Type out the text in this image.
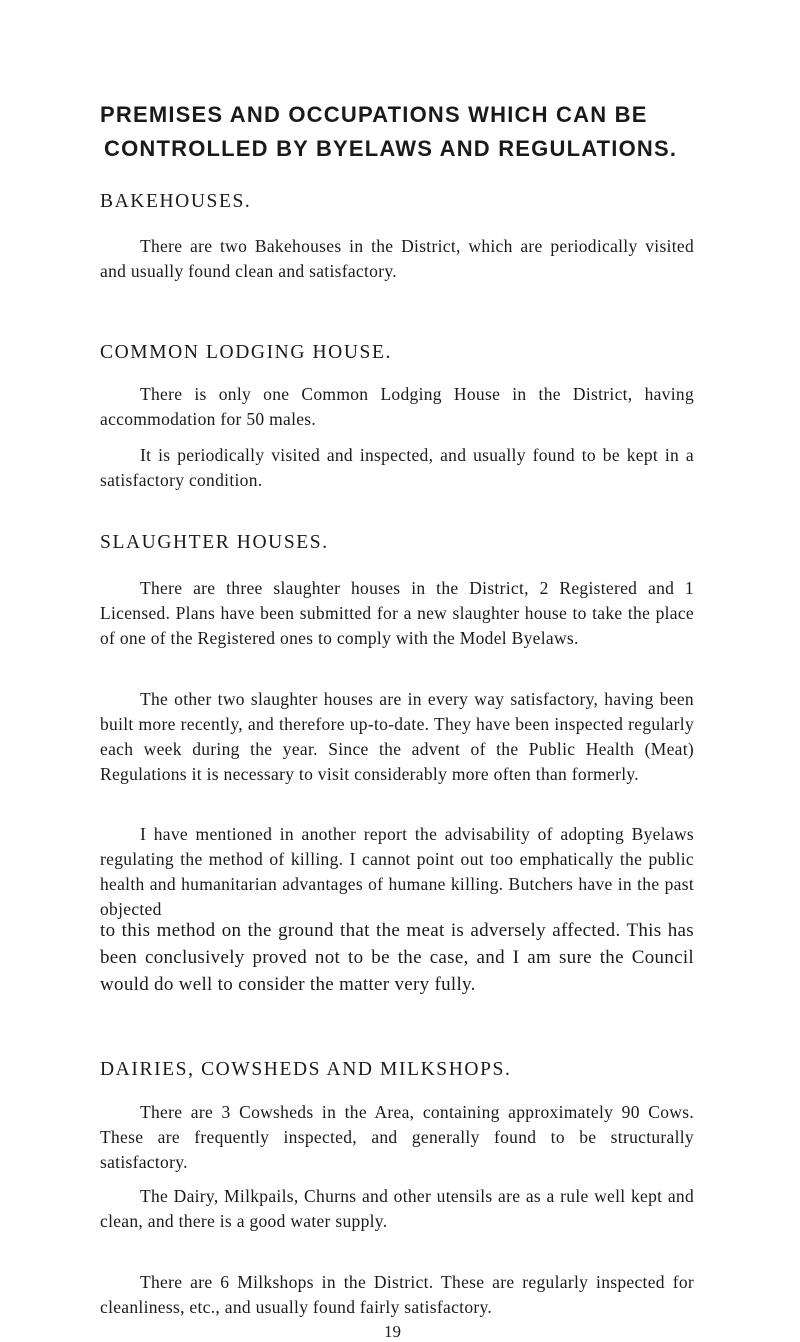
PREMISES AND OCCUPATIONS WHICH CAN BE
CONTROLLED BY BYELAWS AND REGULATIONS.
BAKEHOUSES.
There are two Bakehouses in the District, which are periodically visited and usually found clean and satisfactory.
COMMON LODGING HOUSE.
There is only one Common Lodging House in the District, having accommodation for 50 males.
It is periodically visited and inspected, and usually found to be kept in a satisfactory condition.
SLAUGHTER HOUSES.
There are three slaughter houses in the District, 2 Registered and 1 Licensed. Plans have been submitted for a new slaughter house to take the place of one of the Registered ones to comply with the Model Byelaws.
The other two slaughter houses are in every way satisfactory, having been built more recently, and therefore up-to-date. They have been inspected regularly each week during the year. Since the advent of the Public Health (Meat) Regulations it is necessary to visit considerably more often than formerly.
I have mentioned in another report the advisability of adopting Byelaws regulating the method of killing. I cannot point out too emphatically the public health and humanitarian advantages of humane killing. Butchers have in the past objected
to this method on the ground that the meat is adversely affected. This has been conclusively proved not to be the case, and I am sure the Council would do well to consider the matter very fully.
DAIRIES, COWSHEDS AND MILKSHOPS.
There are 3 Cowsheds in the Area, containing approximately 90 Cows. These are frequently inspected, and generally found to be structurally satisfactory.
The Dairy, Milkpails, Churns and other utensils are as a rule well kept and clean, and there is a good water supply.
There are 6 Milkshops in the District. These are regularly inspected for cleanliness, etc., and usually found fairly satisfactory.
19
